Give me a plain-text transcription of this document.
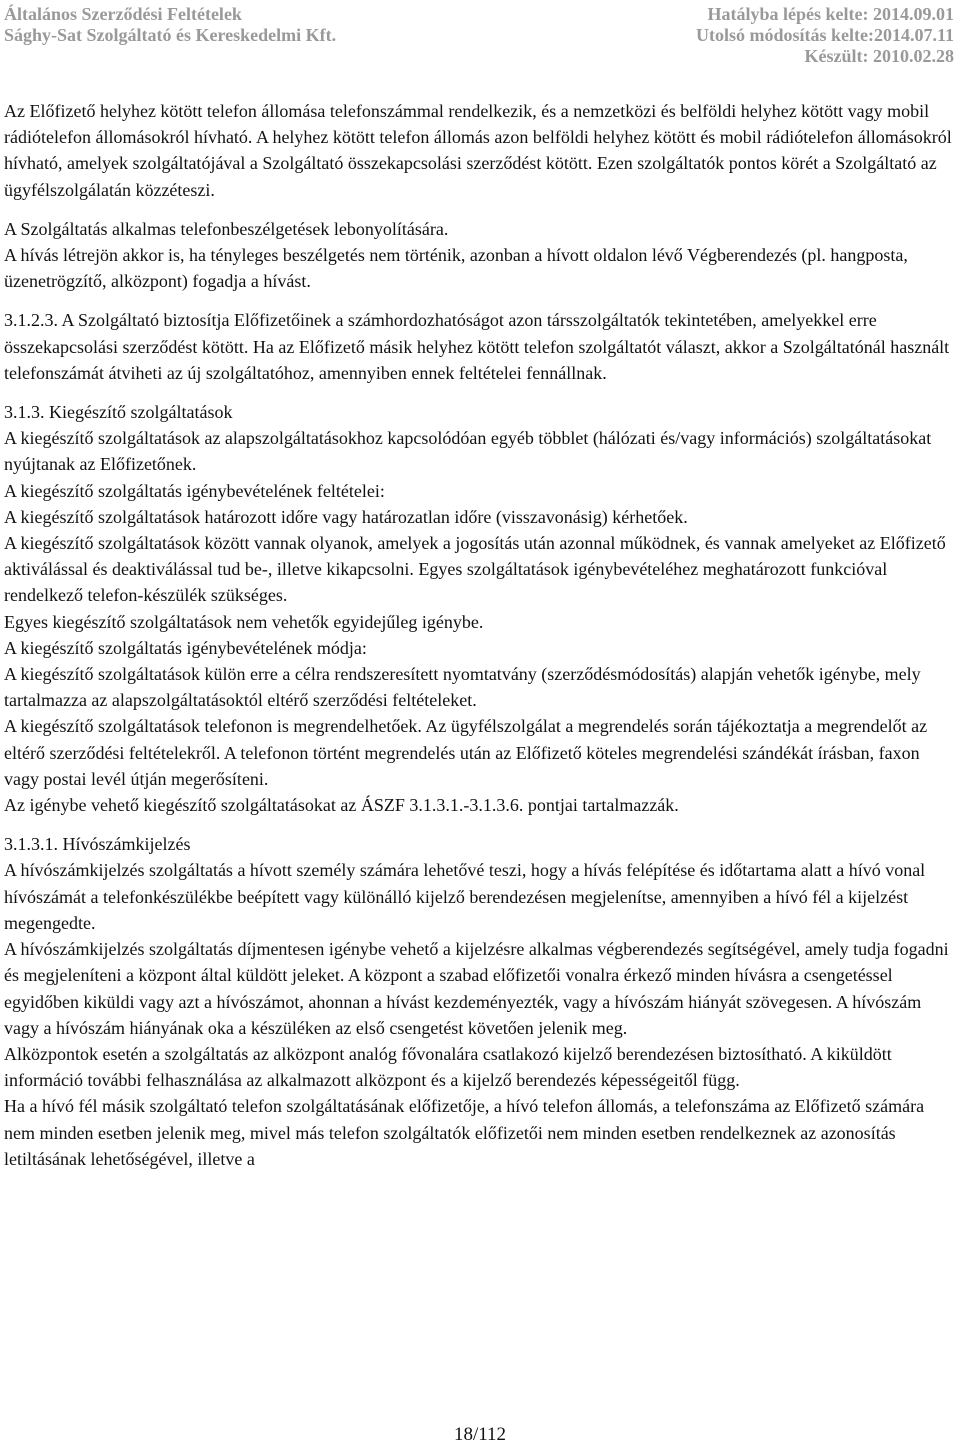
Általános Szerződési Feltételek
Sághy-Sat Szolgáltató és Kereskedelmi Kft.
Hatályba lépés kelte: 2014.09.01
Utolsó módosítás kelte:2014.07.11
Készült: 2010.02.28

Az Előfizető helyhez kötött telefon állomása telefonszámmal rendelkezik, és a nemzetközi és belföldi helyhez kötött vagy mobil rádiótelefon állomásokról hívható. A helyhez kötött telefon állomás azon belföldi helyhez kötött és mobil rádiótelefon állomásokról hívható, amelyek szolgáltatójával a Szolgáltató összekapcsolási szerződést kötött. Ezen szolgáltatók pontos körét a Szolgáltató az ügyfélszolgálatán közzéteszi.

A Szolgáltatás alkalmas telefonbeszélgetések lebonyolítására.

A hívás létrejön akkor is, ha tényleges beszélgetés nem történik, azonban a hívott oldalon lévő Végberendezés (pl. hangposta, üzenetrögzítő, alközpont) fogadja a hívást.

3.1.2.3. A Szolgáltató biztosítja Előfizetőinek a számhordozhatóságot azon társszolgáltatók tekintetében, amelyekkel erre összekapcsolási szerződést kötött. Ha az Előfizető másik helyhez kötött telefon szolgáltatót választ, akkor a Szolgáltatónál használt telefonszámát átviheti az új szolgáltatóhoz, amennyiben ennek feltételei fennállnak.

3.1.3. Kiegészítő szolgáltatások

A kiegészítő szolgáltatások az alapszolgáltatásokhoz kapcsolódóan egyéb többlet (hálózati és/vagy információs) szolgáltatásokat nyújtanak az Előfizetőnek.

A kiegészítő szolgáltatás igénybevételének feltételei:

A kiegészítő szolgáltatások határozott időre vagy határozatlan időre (visszavonásig) kérhetőek.

A kiegészítő szolgáltatások között vannak olyanok, amelyek a jogosítás után azonnal működnek, és vannak amelyeket az Előfizető aktiválással és deaktiválással tud be-, illetve kikapcsolni. Egyes szolgáltatások igénybevételéhez meghatározott funkcióval rendelkező telefon-készülék szükséges.

Egyes kiegészítő szolgáltatások nem vehetők egyidejűleg igénybe.

A kiegészítő szolgáltatás igénybevételének módja:

A kiegészítő szolgáltatások külön erre a célra rendszeresített nyomtatvány (szerződésmódosítás) alapján vehetők igénybe, mely tartalmazza az alapszolgáltatásoktól eltérő szerződési feltételeket.

A kiegészítő szolgáltatások telefonon is megrendelhetőek. Az ügyfélszolgálat a megrendelés során tájékoztatja a megrendelőt az eltérő szerződési feltételekről. A telefonon történt megrendelés után az Előfizető köteles megrendelési szándékát írásban, faxon vagy postai levél útján megerősíteni.

Az igénybe vehető kiegészítő szolgáltatásokat az ÁSZF 3.1.3.1.-3.1.3.6. pontjai tartalmazzák.

3.1.3.1. Hívószámkijelzés

A hívószámkijelzés szolgáltatás a hívott személy számára lehetővé teszi, hogy a hívás felépítése és időtartama alatt a hívó vonal hívószámát a telefonkészülékbe beépített vagy különálló kijelző berendezésen megjelenítse, amennyiben a hívó fél a kijelzést megengedte.

A hívószámkijelzés szolgáltatás díjmentesen igénybe vehető a kijelzésre alkalmas végberendezés segítségével, amely tudja fogadni és megjeleníteni a központ által küldött jeleket. A központ a szabad előfizetői vonalra érkező minden hívásra a csengetéssel egyidőben kiküldi vagy azt a hívószámot, ahonnan a hívást kezdeményezték, vagy a hívószám hiányát szövegesen. A hívószám vagy a hívószám hiányának oka a készüléken az első csengetést követően jelenik meg.

Alközpontok esetén a szolgáltatás az alközpont analóg fővonalára csatlakozó kijelző berendezésen biztosítható. A kiküldött információ további felhasználása az alkalmazott alközpont és a kijelző berendezés képességeitől függ.

Ha a hívó fél másik szolgáltató telefon szolgáltatásának előfizetője, a hívó telefon állomás, a telefonszáma az Előfizető számára nem minden esetben jelenik meg, mivel más telefon szolgáltatók előfizetői nem minden esetben rendelkeznek az azonosítás letiltásának lehetőségével, illetve a

18/112
